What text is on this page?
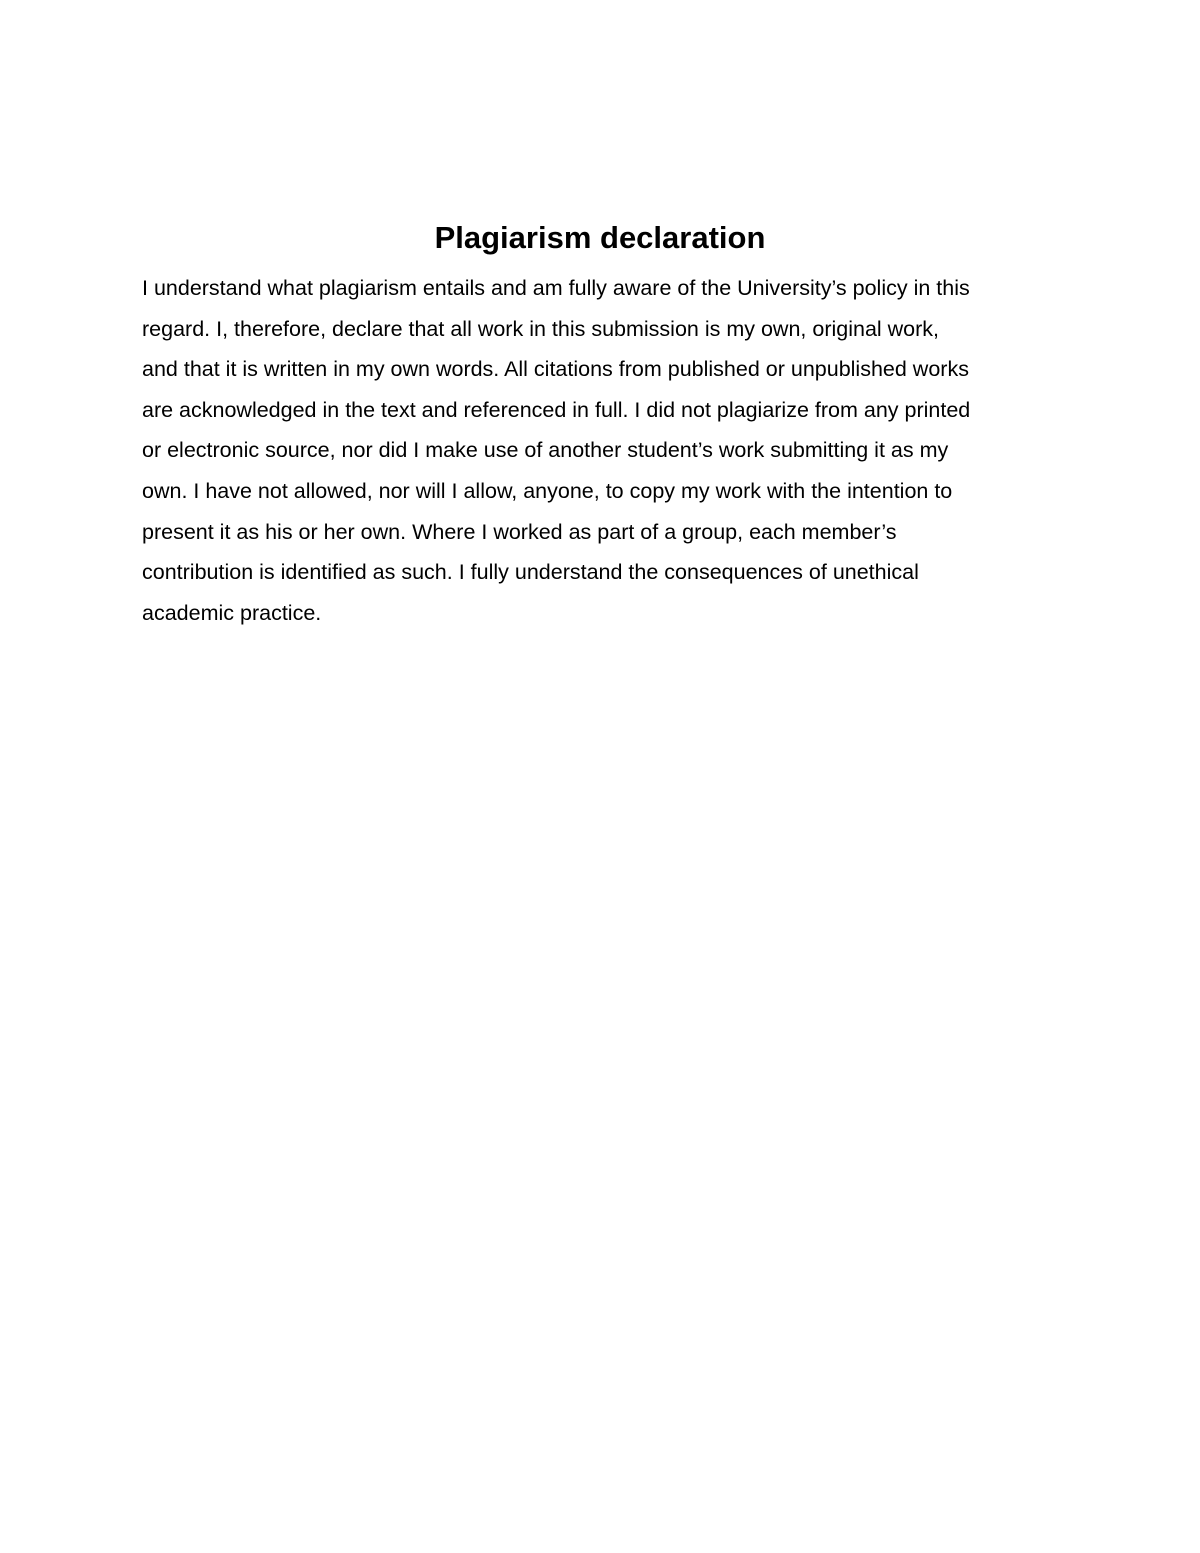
Plagiarism declaration
I understand what plagiarism entails and am fully aware of the University’s policy in this
regard. I, therefore, declare that all work in this submission is my own, original work,
and that it is written in my own words. All citations from published or unpublished works
are acknowledged in the text and referenced in full. I did not plagiarize from any printed
or electronic source, nor did I make use of another student’s work submitting it as my
own. I have not allowed, nor will I allow, anyone, to copy my work with the intention to
present it as his or her own. Where I worked as part of a group, each member’s
contribution is identified as such. I fully understand the consequences of unethical
academic practice.
